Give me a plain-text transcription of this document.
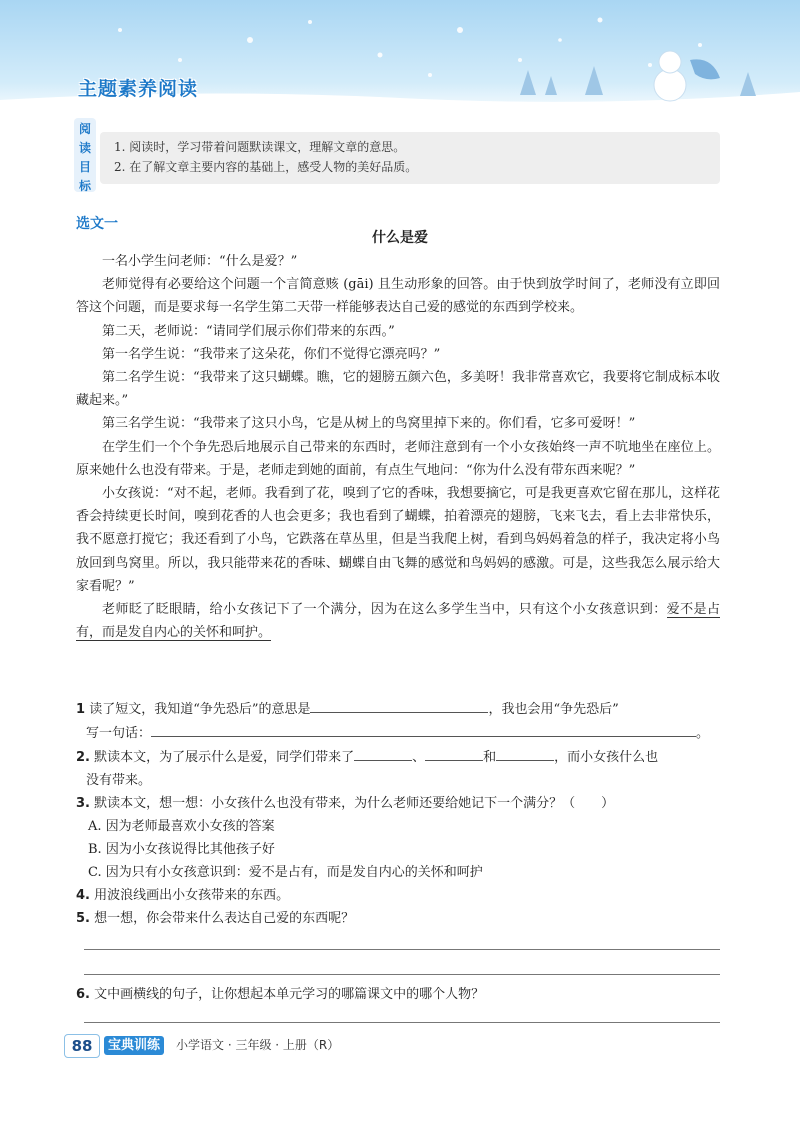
主题素养阅读
阅
读
目
标
1. 阅读时，学习带着问题默读课文，理解文章的意思。
2. 在了解文章主要内容的基础上，感受人物的美好品质。
选文一
什么是爱

一名小学生问老师：“什么是爱？”

老师觉得有必要给这个问题一个言简意赅 (gāi) 且生动形象的回答。由于快到放学时间了，老师没有立即回答这个问题，而是要求每一名学生第二天带一样能够表达自己爱的感觉的东西到学校来。

第二天，老师说：“请同学们展示你们带来的东西。”

第一名学生说：“我带来了这朵花，你们不觉得它漂亮吗？”

第二名学生说：“我带来了这只蝴蝶。瞧，它的翅膀五颜六色，多美呀！我非常喜欢它，我要将它制成标本收藏起来。”

第三名学生说：“我带来了这只小鸟，它是从树上的鸟窝里掉下来的。你们看，它多可爱呀！”

在学生们一个个争先恐后地展示自己带来的东西时，老师注意到有一个小女孩始终一声不吭地坐在座位上。原来她什么也没有带来。于是，老师走到她的面前，有点生气地问：“你为什么没有带东西来呢？”

小女孩说：“对不起，老师。我看到了花，嗅到了它的香味，我想要摘它，可是我更喜欢它留在那儿，这样花香会持续更长时间，嗅到花香的人也会更多；我也看到了蝴蝶，拍着漂亮的翅膀，飞来飞去，看上去非常快乐，我不愿意打搅它；我还看到了小鸟，它跌落在草丛里，但是当我爬上树，看到鸟妈妈着急的样子，我决定将小鸟放回到鸟窝里。所以，我只能带来花的香味、蝴蝶自由飞舞的感觉和鸟妈妈的感激。可是，这些我怎么展示给大家看呢？”

老师眨了眨眼睛，给小女孩记下了一个满分，因为在这么多学生当中，只有这个小女孩意识到：爱不是占有，而是发自内心的关怀和呵护。

1 读了短文，我知道“争先恐后”的意思是	，我也会用“争先恐后”
写一句话：	。
2. 默读本文，为了展示什么是爱，同学们带来了	、	和	，而小女孩什么也
没有带来。
3. 默读本文，想一想：小女孩什么也没有带来，为什么老师还要给她记下一个满分？（　　）
A. 因为老师最喜欢小女孩的答案
B. 因为小女孩说得比其他孩子好
C. 因为只有小女孩意识到：爱不是占有，而是发自内心的关怀和呵护
4. 用波浪线画出小女孩带来的东西。
5. 想一想，你会带来什么表达自己爱的东西呢？
6. 文中画横线的句子，让你想起本单元学习的哪篇课文中的哪个人物？
88	宝典训练	小学语文 · 三年级 · 上册（R）
